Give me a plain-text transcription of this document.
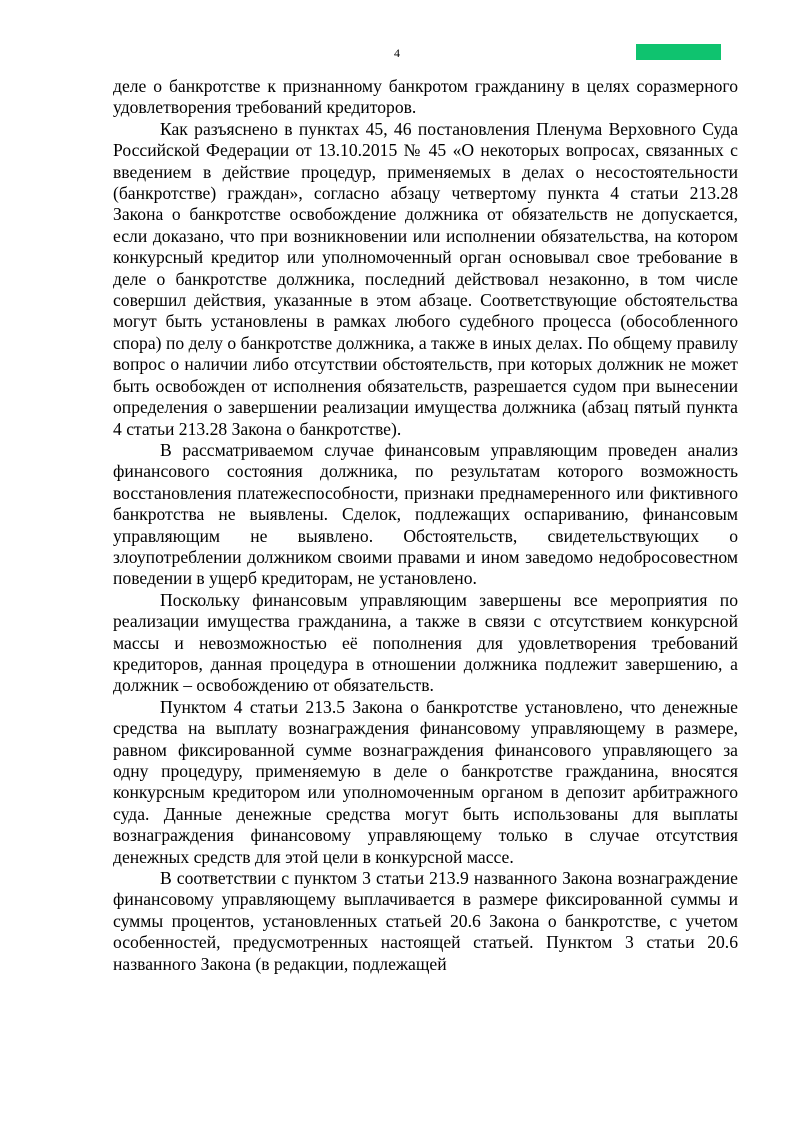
4

деле о банкротстве к признанному банкротом гражданину в целях соразмерного удовлетворения требований кредиторов.

Как разъяснено в пунктах 45, 46 постановления Пленума Верховного Суда Российской Федерации от 13.10.2015 № 45 «О некоторых вопросах, связанных с введением в действие процедур, применяемых в делах о несостоятельности (банкротстве) граждан», согласно абзацу четвертому пункта 4 статьи 213.28 Закона о банкротстве освобождение должника от обязательств не допускается, если доказано, что при возникновении или исполнении обязательства, на котором конкурсный кредитор или уполномоченный орган основывал свое требование в деле о банкротстве должника, последний действовал незаконно, в том числе совершил действия, указанные в этом абзаце. Соответствующие обстоятельства могут быть установлены в рамках любого судебного процесса (обособленного спора) по делу о банкротстве должника, а также в иных делах. По общему правилу вопрос о наличии либо отсутствии обстоятельств, при которых должник не может быть освобожден от исполнения обязательств, разрешается судом при вынесении определения о завершении реализации имущества должника (абзац пятый пункта 4 статьи 213.28 Закона о банкротстве).

В рассматриваемом случае финансовым управляющим проведен анализ финансового состояния должника, по результатам которого возможность восстановления платежеспособности, признаки преднамеренного или фиктивного банкротства не выявлены. Сделок, подлежащих оспариванию, финансовым управляющим не выявлено. Обстоятельств, свидетельствующих о злоупотреблении должником своими правами и ином заведомо недобросовестном поведении в ущерб кредиторам, не установлено.

Поскольку финансовым управляющим завершены все мероприятия по реализации имущества гражданина, а также в связи с отсутствием конкурсной массы и невозможностью её пополнения для удовлетворения требований кредиторов, данная процедура в отношении должника подлежит завершению, а должник – освобождению от обязательств.

Пунктом 4 статьи 213.5 Закона о банкротстве установлено, что денежные средства на выплату вознаграждения финансовому управляющему в размере, равном фиксированной сумме вознаграждения финансового управляющего за одну процедуру, применяемую в деле о банкротстве гражданина, вносятся конкурсным кредитором или уполномоченным органом в депозит арбитражного суда. Данные денежные средства могут быть использованы для выплаты вознаграждения финансовому управляющему только в случае отсутствия денежных средств для этой цели в конкурсной массе.

В соответствии с пунктом 3 статьи 213.9 названного Закона вознаграждение финансовому управляющему выплачивается в размере фиксированной суммы и суммы процентов, установленных статьей 20.6 Закона о банкротстве, с учетом особенностей, предусмотренных настоящей статьей. Пунктом 3 статьи 20.6 названного Закона (в редакции, подлежащей
